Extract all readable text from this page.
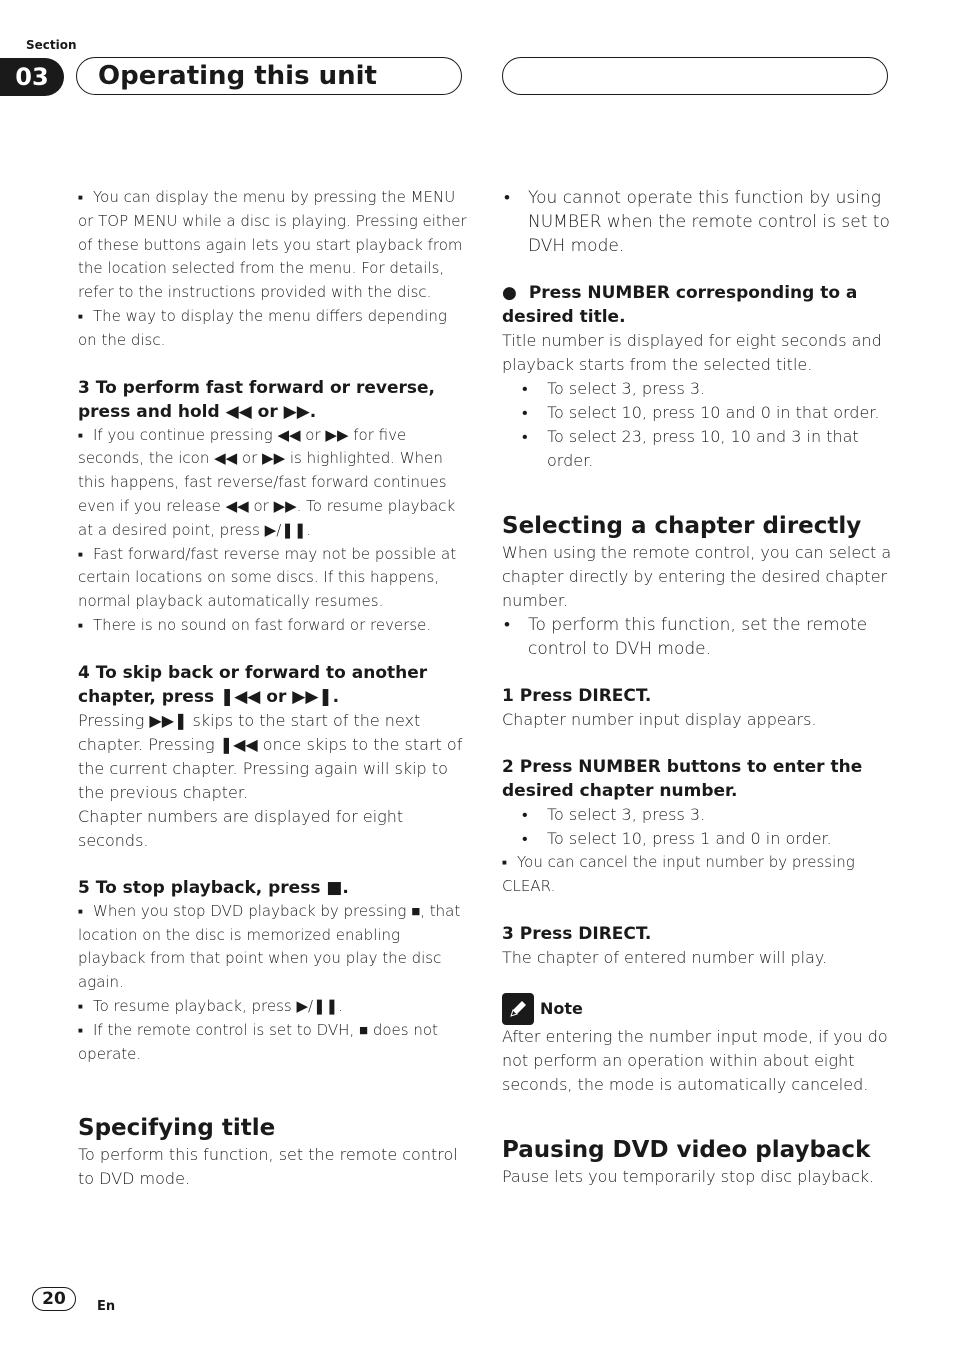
Section
03	Operating this unit

■ You can display the menu by pressing the MENU or TOP MENU while a disc is playing. Pressing either of these buttons again lets you start playback from the location selected from the menu. For details, refer to the instructions provided with the disc.

■ The way to display the menu differs depending on the disc.

3 To perform fast forward or reverse, press and hold ◀◀ or ▶▶.

■ If you continue pressing ◀◀ or ▶▶ for five seconds, the icon ◀◀ or ▶▶ is highlighted. When this happens, fast reverse/fast forward continues even if you release ◀◀ or ▶▶. To resume playback at a desired point, press ▶/❚❚.

■ Fast forward/fast reverse may not be possible at certain locations on some discs. If this happens, normal playback automatically resumes.

■ There is no sound on fast forward or reverse.

4 To skip back or forward to another chapter, press ❚◀◀ or ▶▶❚.

Pressing ▶▶❚ skips to the start of the next chapter. Pressing ❚◀◀ once skips to the start of the current chapter. Pressing again will skip to the previous chapter.

Chapter numbers are displayed for eight seconds.

5 To stop playback, press ■.

■ When you stop DVD playback by pressing ■, that location on the disc is memorized enabling playback from that point when you play the disc again.

■ To resume playback, press ▶/❚❚.

■ If the remote control is set to DVH, ■ does not operate.

Specifying title

To perform this function, set the remote control to DVD mode.

• You cannot operate this function by using NUMBER when the remote control is set to DVH mode.

● Press NUMBER corresponding to a desired title.

Title number is displayed for eight seconds and playback starts from the selected title.

• To select 3, press 3.

• To select 10, press 10 and 0 in that order.

• To select 23, press 10, 10 and 3 in that order.

Selecting a chapter directly

When using the remote control, you can select a chapter directly by entering the desired chapter number.

• To perform this function, set the remote control to DVH mode.

1 Press DIRECT.

Chapter number input display appears.

2 Press NUMBER buttons to enter the desired chapter number.

• To select 3, press 3.

• To select 10, press 1 and 0 in order.

■ You can cancel the input number by pressing CLEAR.

3 Press DIRECT.

The chapter of entered number will play.

Note

After entering the number input mode, if you do not perform an operation within about eight seconds, the mode is automatically canceled.

Pausing DVD video playback

Pause lets you temporarily stop disc playback.

20	En
